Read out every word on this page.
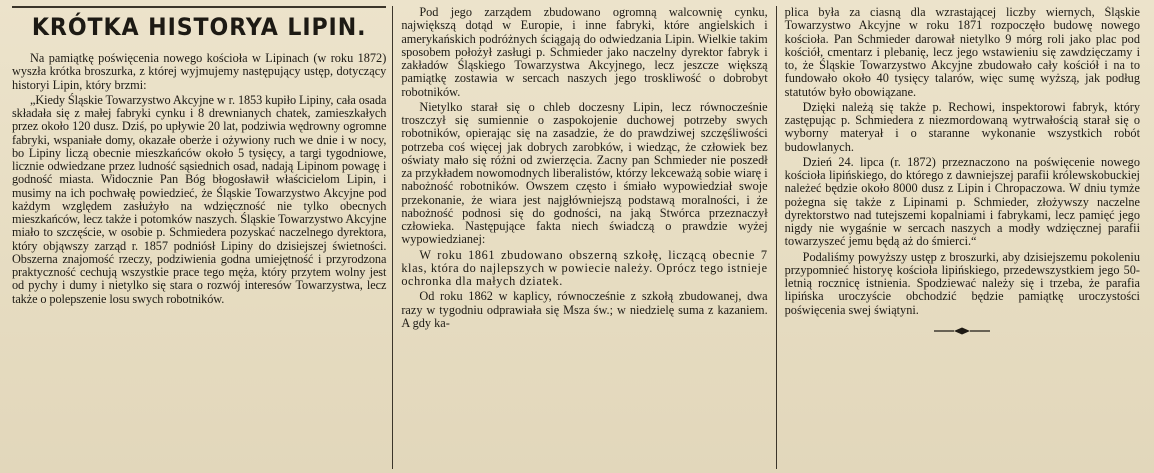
KRÓTKA HISTORYA LIPIN.

Na pamiątkę poświęcenia nowego kościoła w Lipinach (w roku 1872) wyszła krótka broszurka, z której wyjmujemy następujący ustęp, dotyczący historyi Lipin, który brzmi:

„Kiedy Śląskie Towarzystwo Akcyjne w r. 1853 kupiło Lipiny, cała osada składała się z małej fabryki cynku i 8 drewnianych chatek, zamieszkałych przez około 120 dusz. Dziś, po upływie 20 lat, podziwia wędrowny ogromne fabryki, wspaniałe domy, okazałe oberże i ożywiony ruch we dnie i w nocy, bo Lipiny liczą obecnie mieszkańców około 5 tysięcy, a targi tygodniowe, licznie odwiedzane przez ludność sąsiednich osad, nadają Lipinom powagę i godność miasta. Widocznie Pan Bóg błogosławił właścicielom Lipin, i musimy na ich pochwałę powiedzieć, że Śląskie Towarzystwo Akcyjne pod każdym względem zasłużyło na wdzięczność nie tylko obecnych mieszkańców, lecz także i potomków naszych. Śląskie Towarzystwo Akcyjne miało to szczęście, w osobie p. Schmiedera pozyskać naczelnego dyrektora, który objąwszy zarząd r. 1857 podniósł Lipiny do dzisiejszej świetności. Obszerna znajomość rzeczy, podziwienia godna umiejętność i przyrodzona praktyczność cechują wszystkie prace tego męża, który przytem wolny jest od pychy i dumy i nietylko się stara o rozwój interesów Towarzystwa, lecz także o polepszenie losu swych robotników.

Pod jego zarządem zbudowano ogromną walcownię cynku, największą dotąd w Europie, i inne fabryki, które angielskich i amerykańskich podróżnych ściągają do odwiedzania Lipin. Wielkie takim sposobem położył zasługi p. Schmieder jako naczelny dyrektor fabryk i zakładów Śląskiego Towarzystwa Akcyjnego, lecz jeszcze większą pamiątkę zostawia w sercach naszych jego troskliwość o dobrobyt robotników.

Nietylko starał się o chleb doczesny Lipin, lecz równocześnie troszczył się sumiennie o zaspokojenie duchowej potrzeby swych robotników, opierając się na zasadzie, że do prawdziwej szczęśliwości potrzeba coś więcej jak dobrych zarobków, i wiedząc, że człowiek bez oświaty mało się różni od zwierzęcia. Zacny pan Schmieder nie poszedł za przykładem nowomodnych liberalistów, którzy lekceważą sobie wiarę i nabożność robotników. Owszem często i śmiało wypowiedział swoje przekonanie, że wiara jest najgłówniejszą podstawą moralności, i że nabożność podnosi się do godności, na jaką Stwórca przeznaczył człowieka. Następujące fakta niech świadczą o prawdzie wyżej wypowiedzianej:

W roku 1861 zbudowano obszerną szkołę, liczącą obecnie 7 klas, która do najlepszych w powiecie należy. Oprócz tego istnieje ochronka dla małych dziatek.

Od roku 1862 w kaplicy, równocześnie z szkołą zbudowanej, dwa razy w tygodniu odprawiała się Msza św.; w niedzielę suma z kazaniem. A gdy ka-

plica była za ciasną dla wzrastającej liczby wiernych, Śląskie Towarzystwo Akcyjne w roku 1871 rozpoczęło budowę nowego kościoła. Pan Schmieder darował nietylko 9 mórg roli jako plac pod kościół, cmentarz i plebanię, lecz jego wstawieniu się zawdzięczamy i to, że Śląskie Towarzystwo Akcyjne zbudowało cały kościół i na to fundowało około 40 tysięcy talarów, więc sumę wyższą, jak podług statutów było obowiązane.

Dzięki należą się także p. Rechowi, inspektorowi fabryk, który zastępując p. Schmiedera z niezmordowaną wytrwałością starał się o wyborny materyał i o staranne wykonanie wszystkich robót budowlanych.

Dzień 24. lipca (r. 1872) przeznaczono na poświęcenie nowego kościoła lipińskiego, do którego z dawniejszej parafii królewskobuckiej należeć będzie około 8000 dusz z Lipin i Chropaczowa. W dniu tymże pożegna się także z Lipinami p. Schmieder, złożywszy naczelne dyrektorstwo nad tutejszemi kopalniami i fabrykami, lecz pamięć jego nigdy nie wygaśnie w sercach naszych a modły wdzięcznej parafii towarzyszeć jemu będą aż do śmierci.“

Podaliśmy powyższy ustęp z broszurki, aby dzisiejszemu pokoleniu przypomnieć historyę kościoła lipińskiego, przedewszystkiem jego 50-letnią rocznicę istnienia. Spodziewać należy się i trzeba, że parafia lipińska uroczyście obchodzić będzie pamiątkę uroczystości poświęcenia swej świątyni.
